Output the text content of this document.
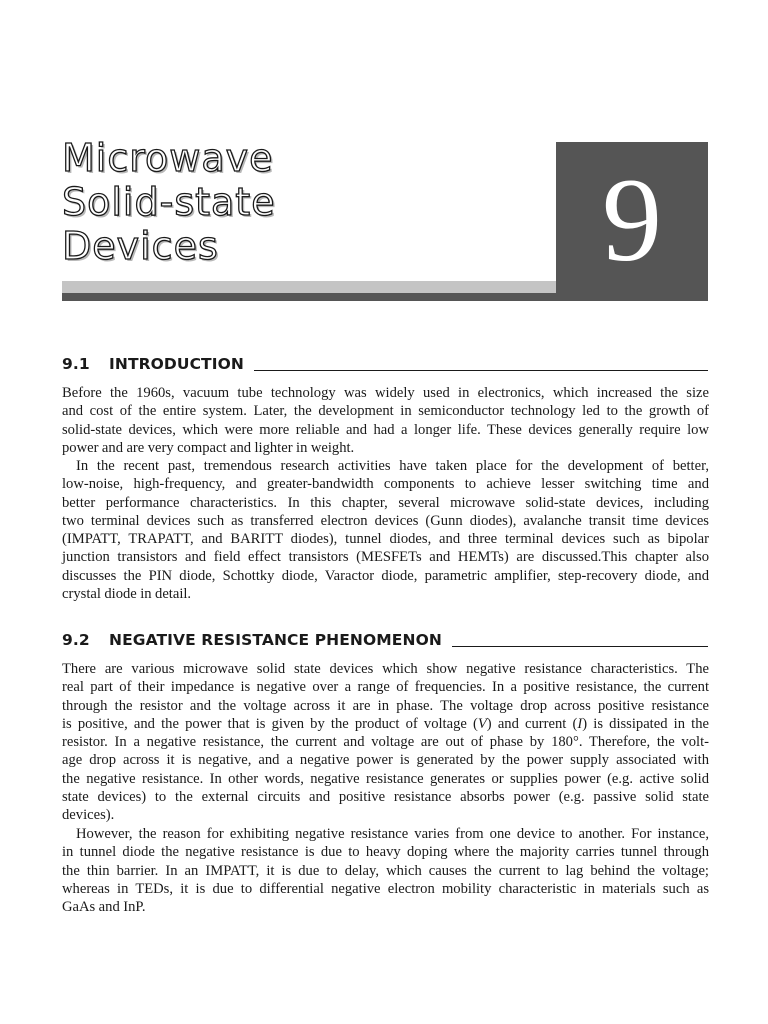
Microwave
Solid-state
Devices	9
9.1	INTRODUCTION
Before the 1960s, vacuum tube technology was widely used in electronics, which increased the size
and cost of the entire system. Later, the development in semiconductor technology led to the growth of
solid-state devices, which were more reliable and had a longer life. These devices generally require low
power and are very compact and lighter in weight.
In the recent past, tremendous research activities have taken place for the development of better,
low-noise, high-frequency, and greater-bandwidth components to achieve lesser switching time and
better performance characteristics. In this chapter, several microwave solid-state devices, including
two terminal devices such as transferred electron devices (Gunn diodes), avalanche transit time devices
(IMPATT, TRAPATT, and BARITT diodes), tunnel diodes, and three terminal devices such as bipolar
junction transistors and field effect transistors (MESFETs and HEMTs) are discussed.This chapter also
discusses the PIN diode, Schottky diode, Varactor diode, parametric amplifier, step-recovery diode, and
crystal diode in detail.
9.2	NEGATIVE RESISTANCE PHENOMENON
There are various microwave solid state devices which show negative resistance characteristics. The
real part of their impedance is negative over a range of frequencies. In a positive resistance, the current
through the resistor and the voltage across it are in phase. The voltage drop across positive resistance
is positive, and the power that is given by the product of voltage (V) and current (I) is dissipated in the
resistor. In a negative resistance, the current and voltage are out of phase by 180°. Therefore, the volt-
age drop across it is negative, and a negative power is generated by the power supply associated with
the negative resistance. In other words, negative resistance generates or supplies power (e.g. active solid
state devices) to the external circuits and positive resistance absorbs power (e.g. passive solid state
devices).
However, the reason for exhibiting negative resistance varies from one device to another. For instance,
in tunnel diode the negative resistance is due to heavy doping where the majority carries tunnel through
the thin barrier. In an IMPATT, it is due to delay, which causes the current to lag behind the voltage;
whereas in TEDs, it is due to differential negative electron mobility characteristic in materials such as
GaAs and InP.
